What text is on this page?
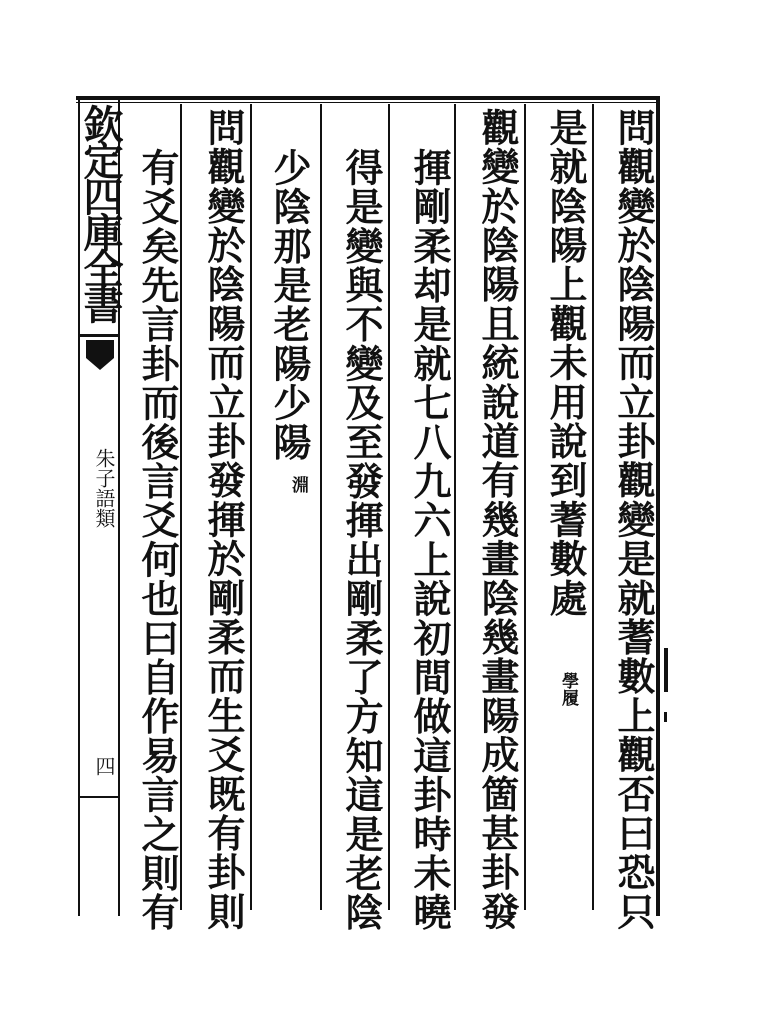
欽定四庫全書
朱子語類
四	問觀變於陰陽而立卦觀變是就蓍數上觀否曰恐只
是就陰陽上觀未用說到蓍數處
學履
觀變於陰陽且統說道有幾畫陰幾畫陽成箇甚卦發
揮剛柔却是就七八九六上說初間做這卦時未曉
得是變與不變及至發揮出剛柔了方知這是老陰
少陰那是老陽少陽
淵
問觀變於陰陽而立卦發揮於剛柔而生爻既有卦則
有爻矣先言卦而後言爻何也曰自作易言之則有
